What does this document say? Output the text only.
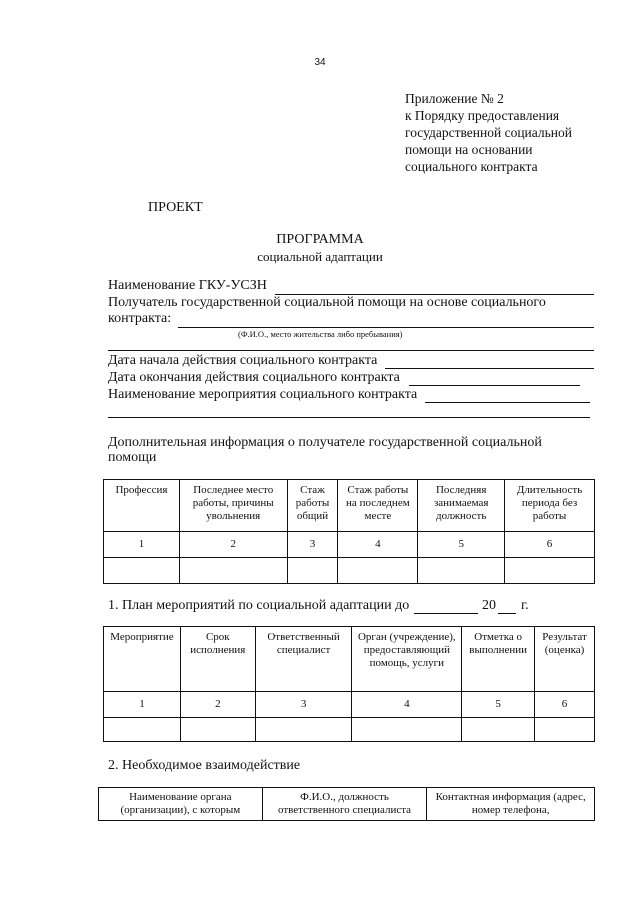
34
Приложение № 2
к Порядку предоставления
государственной социальной
помощи на основании
социального контракта
ПРОЕКТ
ПРОГРАММА
социальной адаптации
Наименование ГКУ-УСЗН
Получатель государственной социальной помощи на основе социального
контракта:
(Ф.И.О., место жительства либо пребывания)
Дата начала действия социального контракта
Дата окончания действия социального контракта
Наименование мероприятия социального контракта
Дополнительная информация о получателе государственной социальной
помощи
Профессия	Последнее место работы, причины увольнения	Стаж работы общий	Стаж работы на последнем месте	Последняя занимаемая должность	Длительность периода без работы
1	2	3	4	5	6

1. План мероприятий по социальной адаптации до	20 г.
Мероприятие	Срок исполнения	Ответственный специалист	Орган (учреждение), предоставляющий помощь, услуги	Отметка о выполнении	Результат (оценка)
1	2	3	4	5	6

2. Необходимое взаимодействие
Наименование органа (организации), с которым	Ф.И.О., должность ответственного специалиста	Контактная информация (адрес, номер телефона,
